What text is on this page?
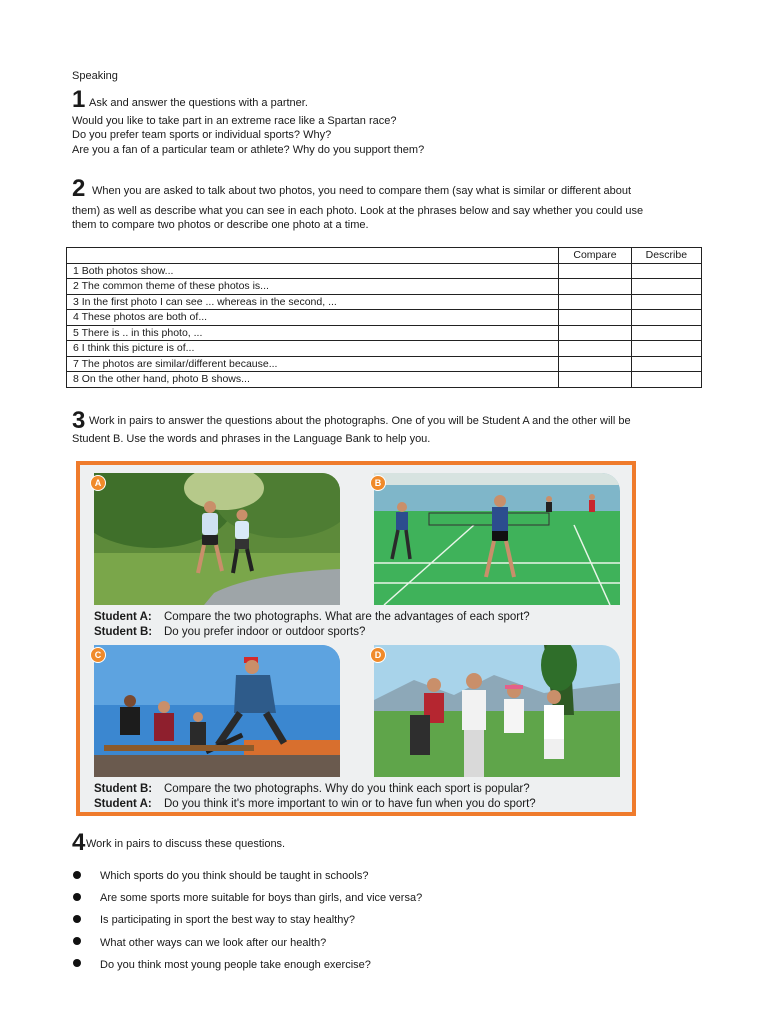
Speaking
1 Ask and answer the questions with a partner.
Would you like to take part in an extreme race like a Spartan race?
Do you prefer team sports or individual sports? Why?
Are you a fan of a particular team or athlete? Why do you support them?
2 When you are asked to talk about two photos, you need to compare them (say what is similar or different about
them) as well as describe what you can see in each photo. Look at the phrases below and say whether you could use
them to compare two photos or describe one photo at a time.
	Compare	Describe
1 Both photos show...		
2 The common theme of these photos is...		
3 In the first photo I can see ... whereas in the second, ...		
4 These photos are both of...		
5 There is .. in this photo, ...		
6 I think this picture is of...		
7 The photos are similar/different because...		
8 On the other hand, photo B shows...		
3 Work in pairs to answer the questions about the photographs. One of you will be Student A and the other will be
Student B. Use the words and phrases in the Language Bank to help you.
A	B
Student A: Compare the two photographs. What are the advantages of each sport?
Student B: Do you prefer indoor or outdoor sports?
C	D
Student B: Compare the two photographs. Why do you think each sport is popular?
Student A: Do you think it's more important to win or to have fun when you do sport?
4 Work in pairs to discuss these questions.
Which sports do you think should be taught in schools?
Are some sports more suitable for boys than girls, and vice versa?
Is participating in sport the best way to stay healthy?
What other ways can we look after our health?
Do you think most young people take enough exercise?
